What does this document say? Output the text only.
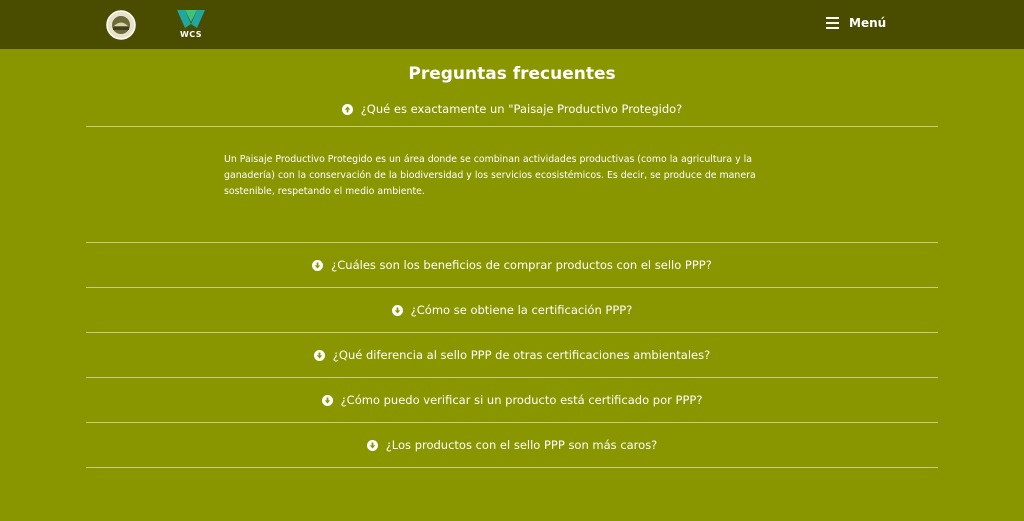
WCS
Menú
Preguntas frecuentes
¿Qué es exactamente un "Paisaje Productivo Protegido?
Un Paisaje Productivo Protegido es un área donde se combinan actividades productivas (como la agricultura y la ganadería) con la conservación de la biodiversidad y los servicios ecosistémicos. Es decir, se produce de manera sostenible, respetando el medio ambiente.
¿Cuáles son los beneficios de comprar productos con el sello PPP?
¿Cómo se obtiene la certificación PPP?
¿Qué diferencia al sello PPP de otras certificaciones ambientales?
¿Cómo puedo verificar si un producto está certificado por PPP?
¿Los productos con el sello PPP son más caros?
